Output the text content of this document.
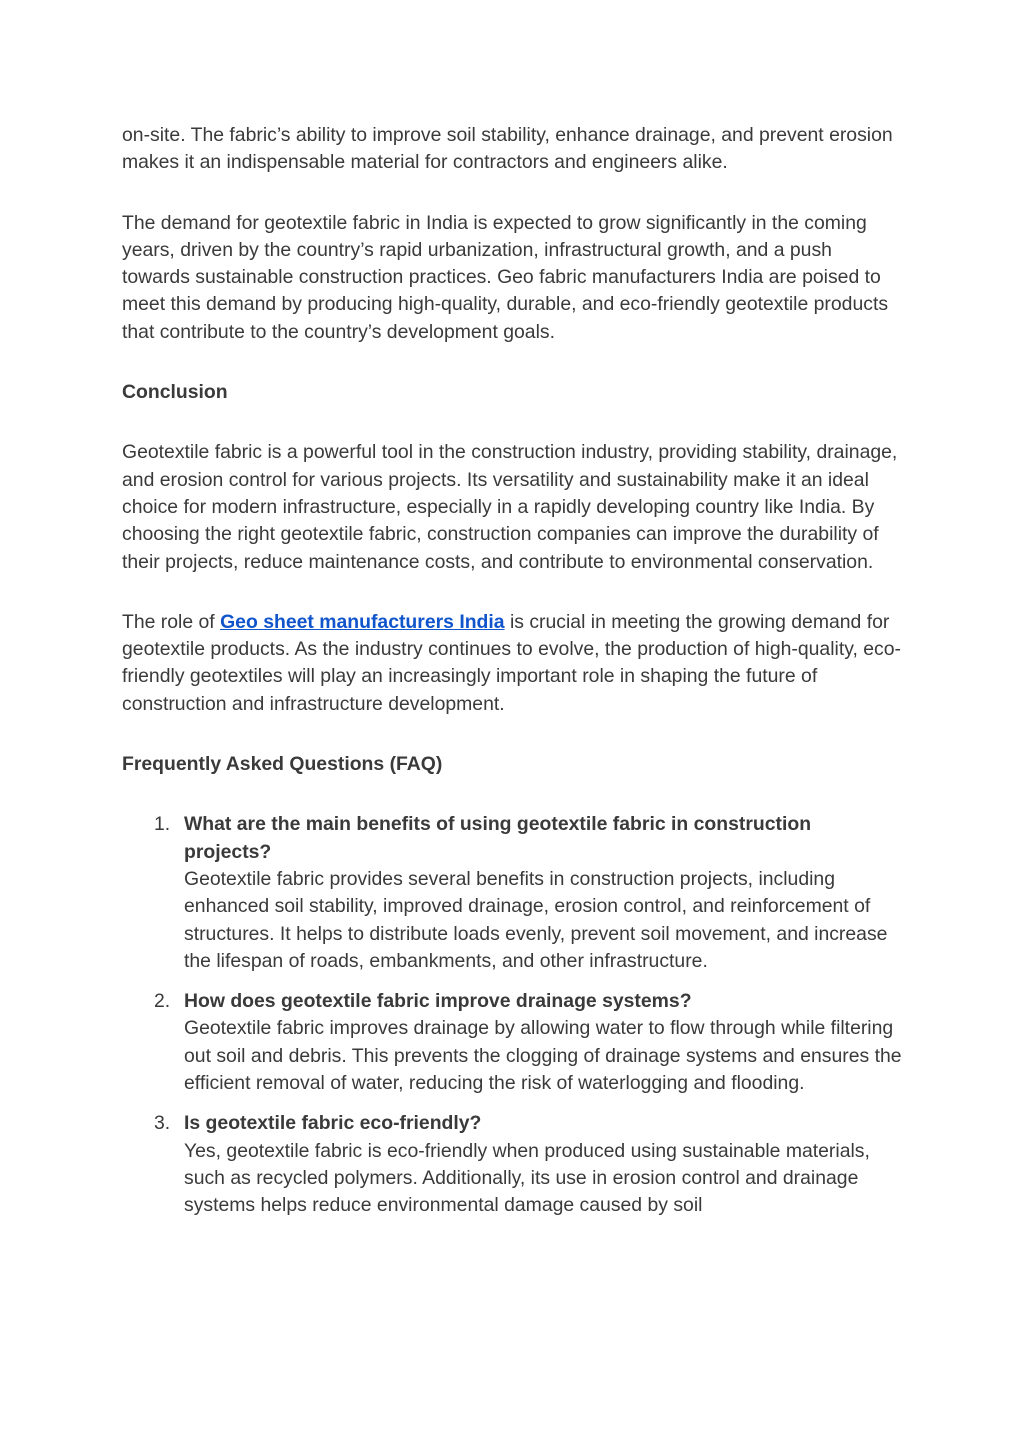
on-site. The fabric’s ability to improve soil stability, enhance drainage, and prevent erosion makes it an indispensable material for contractors and engineers alike.

The demand for geotextile fabric in India is expected to grow significantly in the coming years, driven by the country’s rapid urbanization, infrastructural growth, and a push towards sustainable construction practices. Geo fabric manufacturers India are poised to meet this demand by producing high-quality, durable, and eco-friendly geotextile products that contribute to the country’s development goals.

Conclusion

Geotextile fabric is a powerful tool in the construction industry, providing stability, drainage, and erosion control for various projects. Its versatility and sustainability make it an ideal choice for modern infrastructure, especially in a rapidly developing country like India. By choosing the right geotextile fabric, construction companies can improve the durability of their projects, reduce maintenance costs, and contribute to environmental conservation.

The role of Geo sheet manufacturers India is crucial in meeting the growing demand for geotextile products. As the industry continues to evolve, the production of high-quality, eco-friendly geotextiles will play an increasingly important role in shaping the future of construction and infrastructure development.

Frequently Asked Questions (FAQ)

1. What are the main benefits of using geotextile fabric in construction projects?
Geotextile fabric provides several benefits in construction projects, including enhanced soil stability, improved drainage, erosion control, and reinforcement of structures. It helps to distribute loads evenly, prevent soil movement, and increase the lifespan of roads, embankments, and other infrastructure.
2. How does geotextile fabric improve drainage systems?
Geotextile fabric improves drainage by allowing water to flow through while filtering out soil and debris. This prevents the clogging of drainage systems and ensures the efficient removal of water, reducing the risk of waterlogging and flooding.
3. Is geotextile fabric eco-friendly?
Yes, geotextile fabric is eco-friendly when produced using sustainable materials, such as recycled polymers. Additionally, its use in erosion control and drainage systems helps reduce environmental damage caused by soil
